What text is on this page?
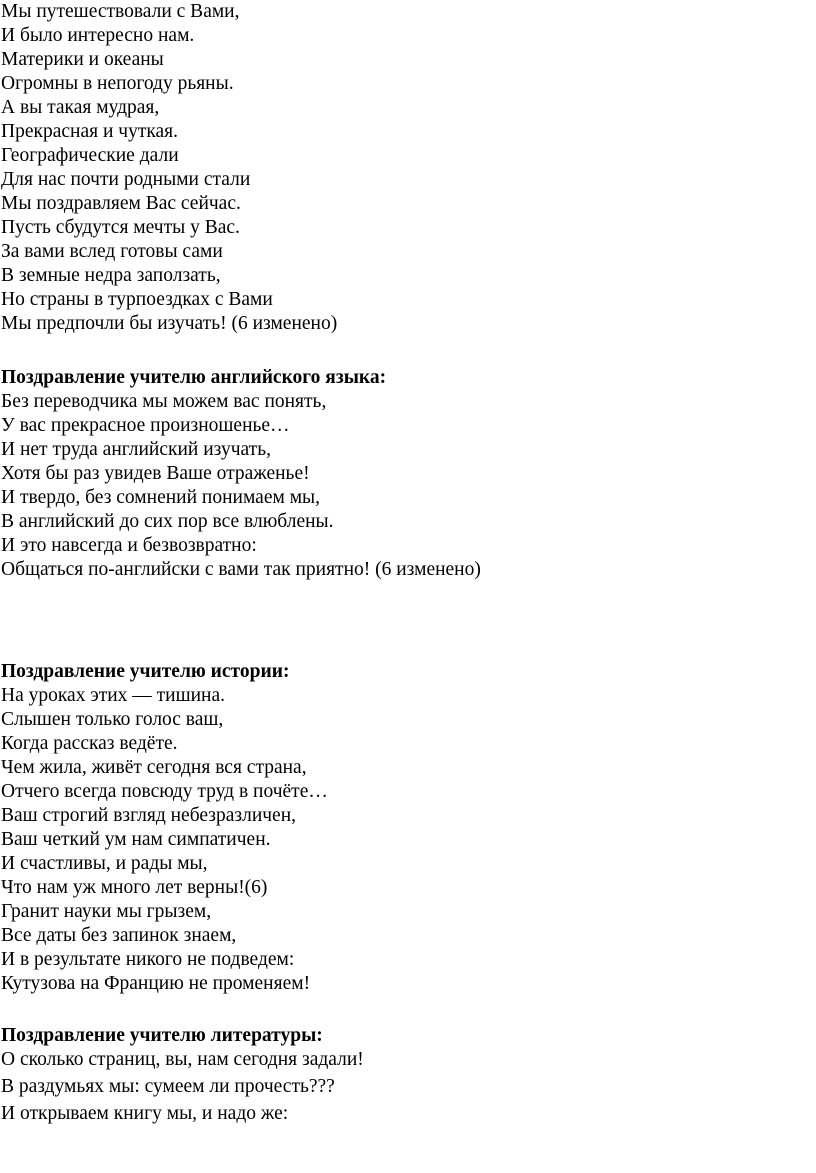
Мы путешествовали с Вами,
И было интересно нам.
Материки и океаны
Огромны в непогоду рьяны.
А вы такая мудрая,
Прекрасная и чуткая.
Географические дали
Для нас почти родными стали
Мы поздравляем Вас сейчас.
Пусть сбудутся мечты у Вас.
За вами вслед готовы сами
В земные недра заползать,
Но страны в турпоездках с Вами
Мы предпочли бы изучать! (6 изменено)
Поздравление учителю английского языка:
Без переводчика мы можем вас понять,
У вас прекрасное произношенье…
И нет труда английский изучать,
Хотя бы раз увидев Ваше отраженье!
И твердо, без сомнений понимаем мы,
В английский до сих пор все влюблены.
И это навсегда и безвозвратно:
Общаться по-английски с вами так приятно! (6 изменено)
Поздравление учителю истории:
На уроках этих — тишина.
Слышен только голос ваш,
Когда рассказ ведёте.
Чем жила, живёт сегодня вся страна,
Отчего всегда повсюду труд в почёте…
Ваш строгий взгляд небезразличен,
Ваш четкий ум нам симпатичен.
И счастливы, и рады мы,
Что нам уж много лет верны!(6)
Гранит науки мы грызем,
Все даты без запинок знаем,
И в результате никого не подведем:
Кутузова на Францию не променяем!
Поздравление учителю литературы:
О сколько страниц, вы, нам сегодня задали!
В раздумьях мы: сумеем ли прочесть???
И открываем книгу мы, и надо же:
